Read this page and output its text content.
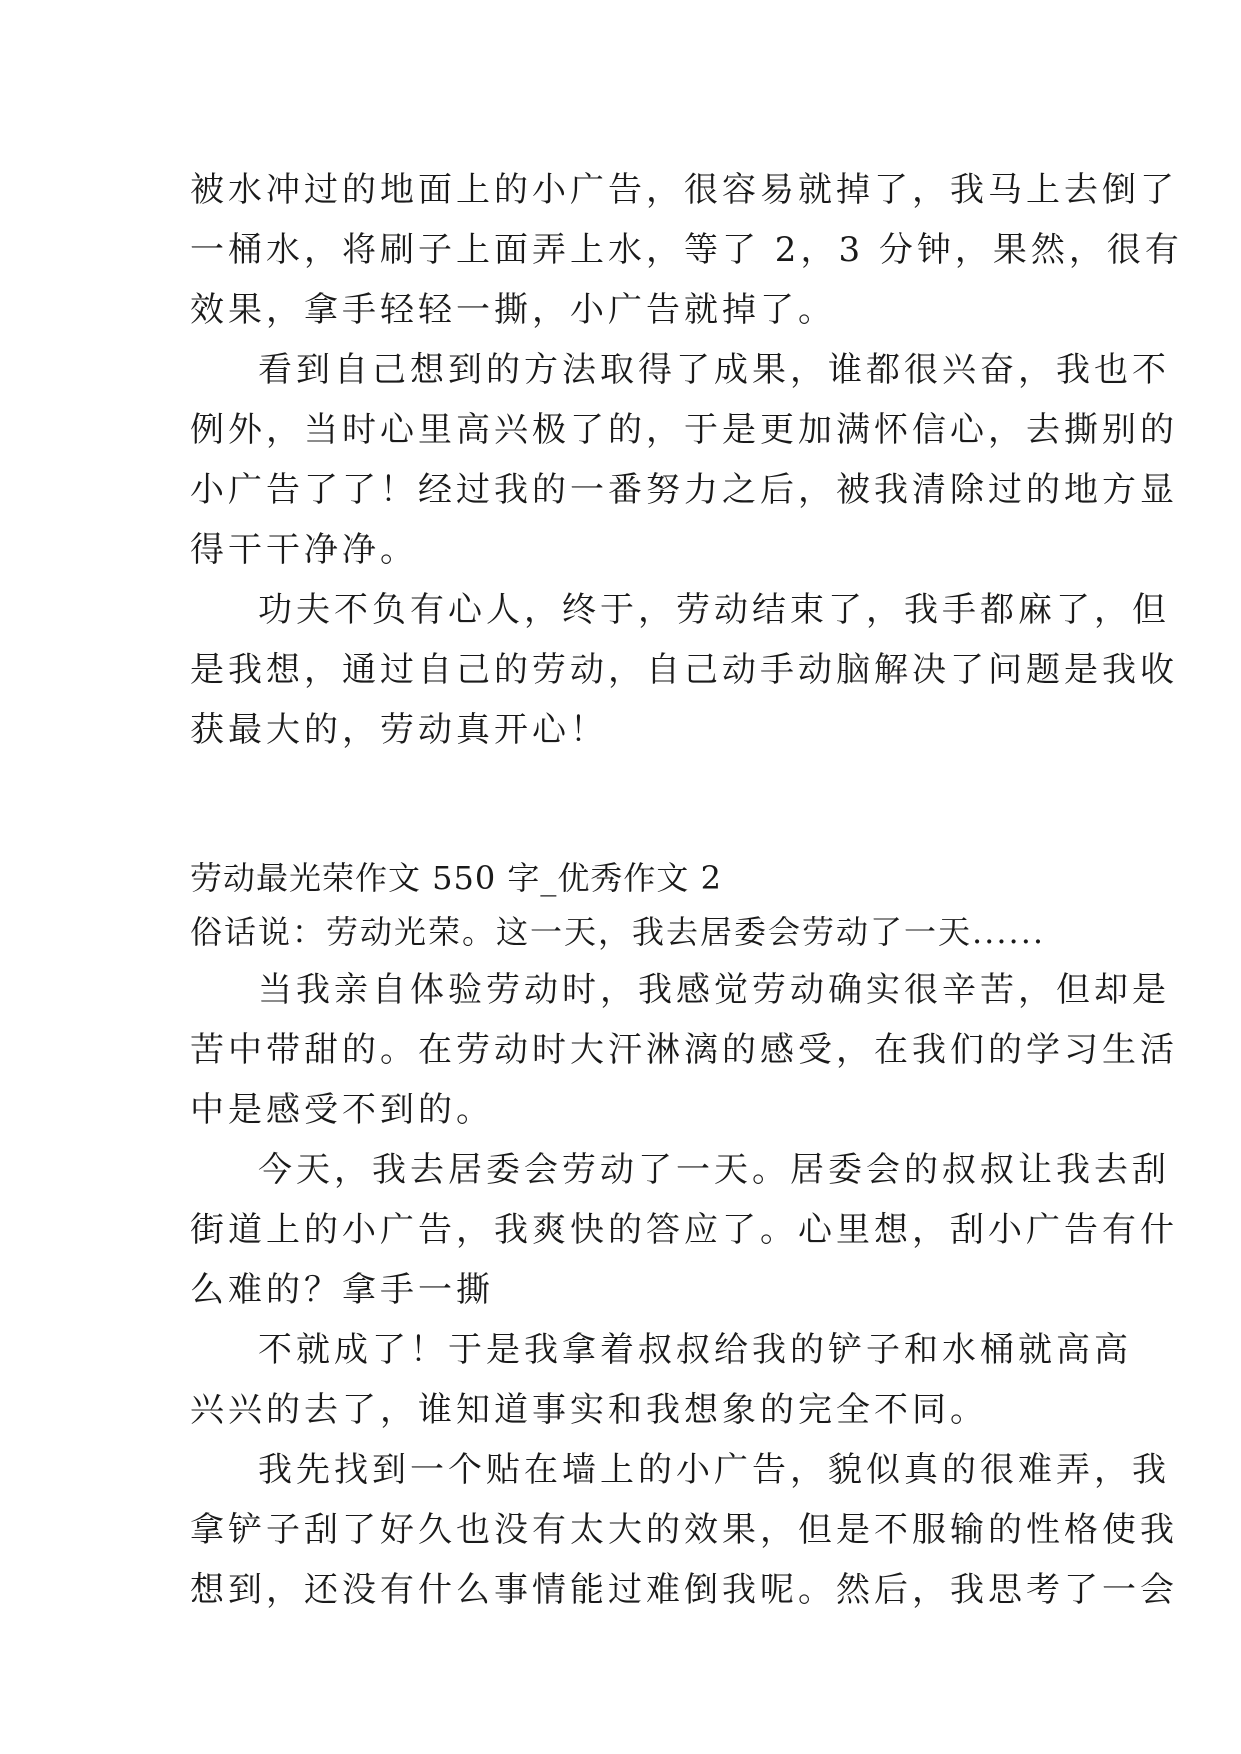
被水冲过的地面上的小广告，很容易就掉了，我马上去倒了
一桶水，将刷子上面弄上水，等了 2，3 分钟，果然，很有
效果，拿手轻轻一撕，小广告就掉了。
看到自己想到的方法取得了成果，谁都很兴奋，我也不
例外，当时心里高兴极了的，于是更加满怀信心，去撕别的
小广告了了！经过我的一番努力之后，被我清除过的地方显
得干干净净。
功夫不负有心人，终于，劳动结束了，我手都麻了，但
是我想，通过自己的劳动，自己动手动脑解决了问题是我收
获最大的，劳动真开心！
劳动最光荣作文 550 字_优秀作文 2
俗话说：劳动光荣。这一天，我去居委会劳动了一天......
当我亲自体验劳动时，我感觉劳动确实很辛苦，但却是
苦中带甜的。在劳动时大汗淋漓的感受，在我们的学习生活
中是感受不到的。
今天，我去居委会劳动了一天。居委会的叔叔让我去刮
街道上的小广告，我爽快的答应了。心里想，刮小广告有什
么难的？拿手一撕
不就成了！于是我拿着叔叔给我的铲子和水桶就高高
兴兴的去了，谁知道事实和我想象的完全不同。
我先找到一个贴在墙上的小广告，貌似真的很难弄，我
拿铲子刮了好久也没有太大的效果，但是不服输的性格使我
想到，还没有什么事情能过难倒我呢。然后，我思考了一会
